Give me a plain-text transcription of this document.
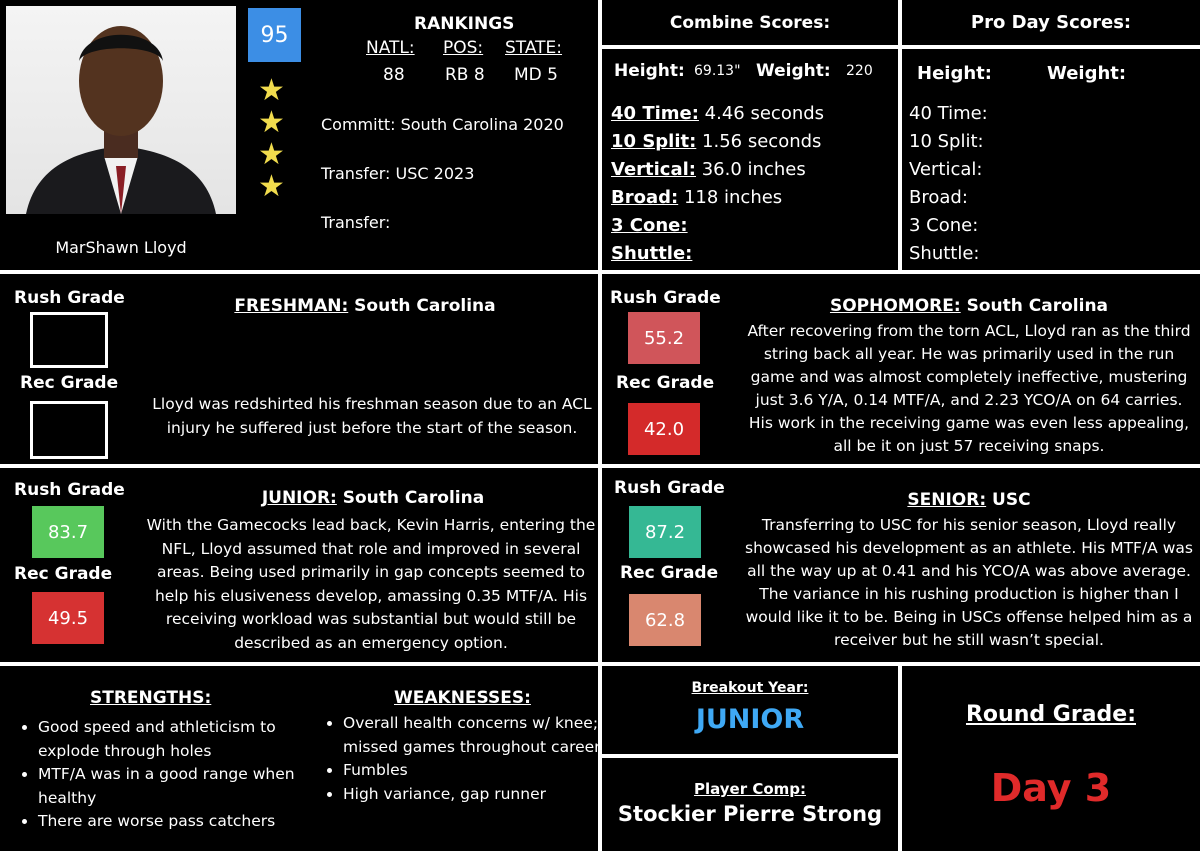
MarShawn Lloyd
95
★
★
★
★
RANKINGS
NATL: POS: STATE:
88 RB 8 MD 5
Committ: South Carolina 2020
Transfer: USC 2023
Transfer:
Combine Scores:	Pro Day Scores:
Height: 69.13" Weight: 220
40 Time: 4.46 seconds
10 Split: 1.56 seconds
Vertical: 36.0 inches
Broad: 118 inches
3 Cone:
Shuttle:
Height:	Weight:
40 Time:
10 Split:
Vertical:
Broad:
3 Cone:
Shuttle:
Rush Grade
Rec Grade
FRESHMAN: South Carolina
Lloyd was redshirted his freshman season due to an ACL injury he suffered just before the start of the season.
Rush Grade
55.2
Rec Grade
42.0
SOPHOMORE: South Carolina
After recovering from the torn ACL, Lloyd ran as the third string back all year. He was primarily used in the run game and was almost completely ineffective, mustering just 3.6 Y/A, 0.14 MTF/A, and 2.23 YCO/A on 64 carries. His work in the receiving game was even less appealing, all be it on just 57 receiving snaps.
Rush Grade
83.7
Rec Grade
49.5
JUNIOR: South Carolina
With the Gamecocks lead back, Kevin Harris, entering the NFL, Lloyd assumed that role and improved in several areas. Being used primarily in gap concepts seemed to help his elusiveness develop, amassing 0.35 MTF/A. His receiving workload was substantial but would still be described as an emergency option.
Rush Grade
87.2
Rec Grade
62.8
SENIOR: USC
Transferring to USC for his senior season, Lloyd really showcased his development as an athlete. His MTF/A was all the way up at 0.41 and his YCO/A was above average. The variance in his rushing production is higher than I would like it to be. Being in USCs offense helped him as a receiver but he still wasn’t special.
STRENGTHS:
• Good speed and athleticism to explode through holes
• MTF/A was in a good range when healthy
• There are worse pass catchers
WEAKNESSES:
• Overall health concerns w/ knee; missed games throughout career
• Fumbles
• High variance, gap runner
Breakout Year:
JUNIOR
Player Comp:
Stockier Pierre Strong
Round Grade:
Day 3
